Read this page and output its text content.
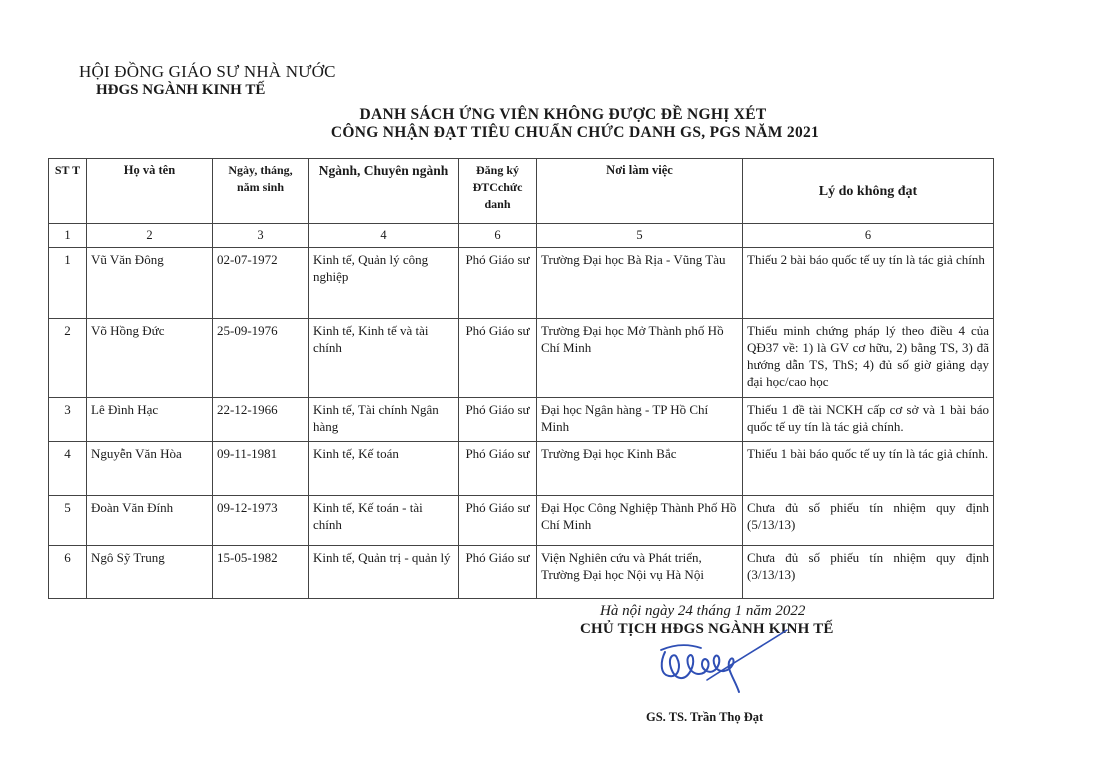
HỘI ĐỒNG GIÁO SƯ NHÀ NƯỚC
HĐGS NGÀNH KINH TẾ
DANH SÁCH ỨNG VIÊN KHÔNG ĐƯỢC ĐỀ NGHỊ XÉT
CÔNG NHẬN ĐẠT TIÊU CHUẨN CHỨC DANH GS, PGS NĂM 2021
ST T	Họ và tên	Ngày, tháng, năm sinh	Ngành, Chuyên ngành	Đăng ký ĐTCchức danh	Nơi làm việc	Lý do không đạt
1	2	3	4	6	5	6
1	Vũ Văn Đông	02-07-1972	Kinh tế, Quản lý công nghiệp	Phó Giáo sư	Trường Đại học Bà Rịa - Vũng Tàu	Thiếu 2 bài báo quốc tế uy tín là tác giả chính
2	Võ Hồng Đức	25-09-1976	Kinh tế, Kinh tế và tài chính	Phó Giáo sư	Trường Đại học Mở Thành phố Hồ Chí Minh	Thiếu minh chứng pháp lý theo điều 4 của QĐ37 về: 1) là GV cơ hữu, 2) bằng TS, 3) đã hướng dẫn TS, ThS; 4) đủ số giờ giảng dạy đại học/cao học
3	Lê Đình Hạc	22-12-1966	Kinh tế, Tài chính Ngân hàng	Phó Giáo sư	Đại học Ngân hàng - TP Hồ Chí Minh	Thiếu 1 đề tài NCKH cấp cơ sở và 1 bài báo quốc tế uy tín là tác giả chính.
4	Nguyễn Văn Hòa	09-11-1981	Kinh tế, Kế toán	Phó Giáo sư	Trường Đại học Kinh Bắc	Thiếu 1 bài báo quốc tế uy tín là tác giả chính.
5	Đoàn Văn Đính	09-12-1973	Kinh tế, Kế toán - tài chính	Phó Giáo sư	Đại Học Công Nghiệp Thành Phố Hồ Chí Minh	Chưa đủ số phiếu tín nhiệm quy định (5/13/13)
6	Ngô Sỹ Trung	15-05-1982	Kinh tế, Quản trị - quản lý	Phó Giáo sư	Viện Nghiên cứu và Phát triển, Trường Đại học Nội vụ Hà Nội	Chưa đủ số phiếu tín nhiệm quy định (3/13/13)
Hà nội ngày 24 tháng 1 năm 2022
CHỦ TỊCH HĐGS NGÀNH KINH TẾ
GS. TS. Trần Thọ Đạt
